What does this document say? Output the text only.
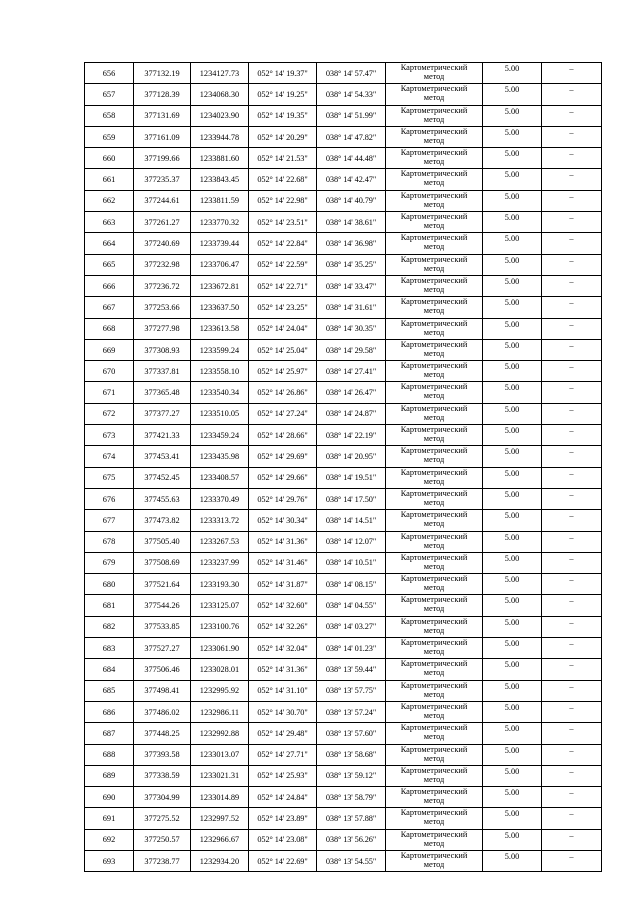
656	377132.19	1234127.73	052° 14' 19.37"	038° 14' 57.47"	Картометрический
метод	5.00	–
657	377128.39	1234068.30	052° 14' 19.25"	038° 14' 54.33"	Картометрический
метод	5.00	–
658	377131.69	1234023.90	052° 14' 19.35"	038° 14' 51.99"	Картометрический
метод	5.00	–
659	377161.09	1233944.78	052° 14' 20.29"	038° 14' 47.82"	Картометрический
метод	5.00	–
660	377199.66	1233881.60	052° 14' 21.53"	038° 14' 44.48"	Картометрический
метод	5.00	–
661	377235.37	1233843.45	052° 14' 22.68"	038° 14' 42.47"	Картометрический
метод	5.00	–
662	377244.61	1233811.59	052° 14' 22.98"	038° 14' 40.79"	Картометрический
метод	5.00	–
663	377261.27	1233770.32	052° 14' 23.51"	038° 14' 38.61"	Картометрический
метод	5.00	–
664	377240.69	1233739.44	052° 14' 22.84"	038° 14' 36.98"	Картометрический
метод	5.00	–
665	377232.98	1233706.47	052° 14' 22.59"	038° 14' 35.25"	Картометрический
метод	5.00	–
666	377236.72	1233672.81	052° 14' 22.71"	038° 14' 33.47"	Картометрический
метод	5.00	–
667	377253.66	1233637.50	052° 14' 23.25"	038° 14' 31.61"	Картометрический
метод	5.00	–
668	377277.98	1233613.58	052° 14' 24.04"	038° 14' 30.35"	Картометрический
метод	5.00	–
669	377308.93	1233599.24	052° 14' 25.04"	038° 14' 29.58"	Картометрический
метод	5.00	–
670	377337.81	1233558.10	052° 14' 25.97"	038° 14' 27.41"	Картометрический
метод	5.00	–
671	377365.48	1233540.34	052° 14' 26.86"	038° 14' 26.47"	Картометрический
метод	5.00	–
672	377377.27	1233510.05	052° 14' 27.24"	038° 14' 24.87"	Картометрический
метод	5.00	–
673	377421.33	1233459.24	052° 14' 28.66"	038° 14' 22.19"	Картометрический
метод	5.00	–
674	377453.41	1233435.98	052° 14' 29.69"	038° 14' 20.95"	Картометрический
метод	5.00	–
675	377452.45	1233408.57	052° 14' 29.66"	038° 14' 19.51"	Картометрический
метод	5.00	–
676	377455.63	1233370.49	052° 14' 29.76"	038° 14' 17.50"	Картометрический
метод	5.00	–
677	377473.82	1233313.72	052° 14' 30.34"	038° 14' 14.51"	Картометрический
метод	5.00	–
678	377505.40	1233267.53	052° 14' 31.36"	038° 14' 12.07"	Картометрический
метод	5.00	–
679	377508.69	1233237.99	052° 14' 31.46"	038° 14' 10.51"	Картометрический
метод	5.00	–
680	377521.64	1233193.30	052° 14' 31.87"	038° 14' 08.15"	Картометрический
метод	5.00	–
681	377544.26	1233125.07	052° 14' 32.60"	038° 14' 04.55"	Картометрический
метод	5.00	–
682	377533.85	1233100.76	052° 14' 32.26"	038° 14' 03.27"	Картометрический
метод	5.00	–
683	377527.27	1233061.90	052° 14' 32.04"	038° 14' 01.23"	Картометрический
метод	5.00	–
684	377506.46	1233028.01	052° 14' 31.36"	038° 13' 59.44"	Картометрический
метод	5.00	–
685	377498.41	1232995.92	052° 14' 31.10"	038° 13' 57.75"	Картометрический
метод	5.00	–
686	377486.02	1232986.11	052° 14' 30.70"	038° 13' 57.24"	Картометрический
метод	5.00	–
687	377448.25	1232992.88	052° 14' 29.48"	038° 13' 57.60"	Картометрический
метод	5.00	–
688	377393.58	1233013.07	052° 14' 27.71"	038° 13' 58.68"	Картометрический
метод	5.00	–
689	377338.59	1233021.31	052° 14' 25.93"	038° 13' 59.12"	Картометрический
метод	5.00	–
690	377304.99	1233014.89	052° 14' 24.84"	038° 13' 58.79"	Картометрический
метод	5.00	–
691	377275.52	1232997.52	052° 14' 23.89"	038° 13' 57.88"	Картометрический
метод	5.00	–
692	377250.57	1232966.67	052° 14' 23.08"	038° 13' 56.26"	Картометрический
метод	5.00	–
693	377238.77	1232934.20	052° 14' 22.69"	038° 13' 54.55"	Картометрический
метод	5.00	–
